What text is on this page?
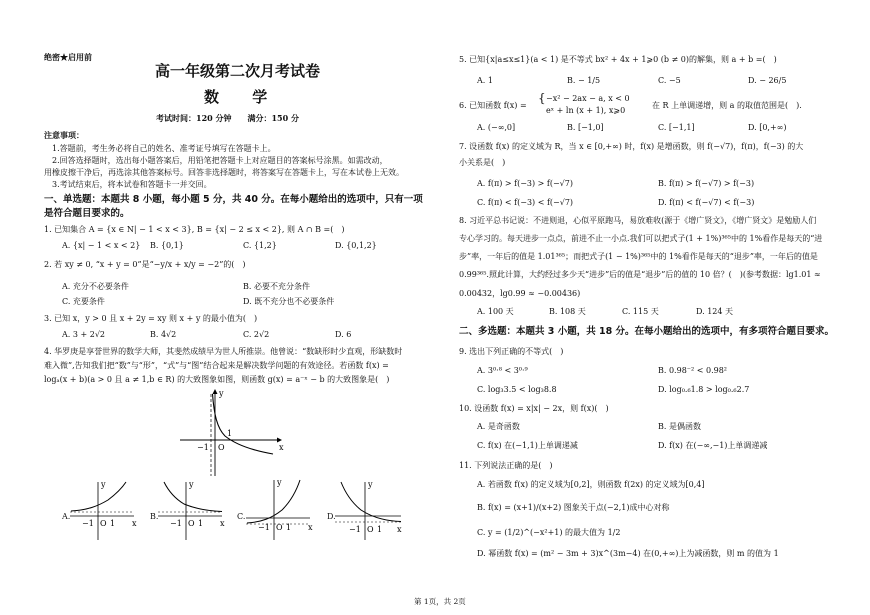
绝密★启用前
高一年级第二次月考试卷
数 学
考试时间：120 分钟　　满分：150 分
注意事项：
1.答题前，考生务必将自己的姓名、准考证号填写在答题卡上。
2.回答选择题时，选出每小题答案后，用铅笔把答题卡上对应题目的答案标号涂黑。如需改动，
用橡皮擦干净后，再选涂其他答案标号。回答非选择题时，将答案写在答题卡上，写在本试卷上无效。
3.考试结束后，将本试卷和答题卡一并交回。
一、单选题：本题共 8 小题，每小题 5 分，共 40 分。在每小题给出的选项中，只有一项
是符合题目要求的。
1. 已知集合 A = {x ∈ N| − 1 < x < 3}, B = {x| − 2 ≤ x < 2}, 则 A ∩ B =(　)
A. {x| − 1 < x < 2} B. {0,1}	C. {1,2}	D. {0,1,2}
2. 若 xy ≠ 0, “x + y = 0”是“−y/x + x/y = −2”的(　)
A. 充分不必要条件	B. 必要不充分条件
C. 充要条件	D. 既不充分也不必要条件
3. 已知 x，y > 0 且 x + 2y = xy 则 x + y 的最小值为(　)
A. 3 + 2√2	B. 4√2	C. 2√2	D. 6
4. 华罗庚是享誉世界的数学大师，其斐然成绩早为世人所推崇。他曾说：“数缺形时少直观，形缺数时
难入微”,告知我们把“数”与“形”，“式”与“图”结合起来是解决数学问题的有效途径。若函数 f(x) =
logₐ(x + b)(a > 0 且 a ≠ 1,b ∈ R) 的大致图象如图，则函数 g(x) = a⁻ˣ − b 的大致图象是(　)
x
y
O
−1
1
A.
−1 O 1 x
y
B.
−1 O 1 x
y
C.
−1 O 1 x
y
D.
−1 O 1 x
y
第 1页，共 2页
5. 已知{x|a≤x≤1}(a < 1) 是不等式 bx² + 4x + 1⩾0 (b ≠ 0)的解集，则 a + b =(　)
A. 1	B. − 1/5	C. −5	D. − 26/5
6. 已知函数 f(x) =
{ −x² − 2ax − a, x < 0
eˣ + ln (x + 1), x⩾0
在 R 上单调递增，则 a 的取值范围是(　).
A. (−∞,0]	B. [−1,0]	C. [−1,1]	D. [0,+∞)
7. 设函数 f(x) 的定义域为 R，当 x ∈ [0,+∞) 时，f(x) 是增函数，则 f(−√7)，f(π)，f(−3) 的大
小关系是(　)
A. f(π) > f(−3) > f(−√7)	B. f(π) > f(−√7) > f(−3)
C. f(π) < f(−3) < f(−√7)	D. f(π) < f(−√7) < f(−3)
8. 习近平总书记说：不进则退，心似平原跑马，易放难收(源于《增广贤文》，《增广贤文》是勉励人们
专心学习的。每天进步一点点，前进不止一小点.我们可以把式子(1 + 1%)³⁶⁵中的 1%看作是每天的“进
步”率，一年后的值是 1.01³⁶⁵；而把式子(1 − 1%)³⁶⁵中的 1%看作是每天的“退步”率，一年后的值是
0.99³⁶⁵.照此计算，大约经过多少天“进步”后的值是“退步”后的值的 10 倍？(　)(参考数据：lg1.01 ≈
0.00432，lg0.99 ≈ −0.00436)
A. 100 天	B. 108 天	C. 115 天	D. 124 天
二、多选题：本题共 3 小题，共 18 分。在每小题给出的选项中，有多项符合题目要求。
9. 选出下列正确的不等式(　)
A. 3⁰·⁸ < 3⁰·⁹	B. 0.98⁻² < 0.98²
C. log₃3.5 < log₃8.8	D. log₀.₆1.8 > log₀.₆2.7
10. 设函数 f(x) = x|x| − 2x，则 f(x)(　)
A. 是奇函数	B. 是偶函数
C. f(x) 在(−1,1)上单调递减	D. f(x) 在(−∞,−1)上单调递减
11. 下列说法正确的是(　)
A. 若函数 f(x) 的定义域为[0,2]，则函数 f(2x) 的定义域为[0,4]
B. f(x) = (x+1)/(x+2) 图象关于点(−2,1)成中心对称
C. y = (1/2)^(−x²+1) 的最大值为 1/2
D. 幂函数 f(x) = (m² − 3m + 3)x^(3m−4) 在(0,+∞)上为减函数，则 m 的值为 1
